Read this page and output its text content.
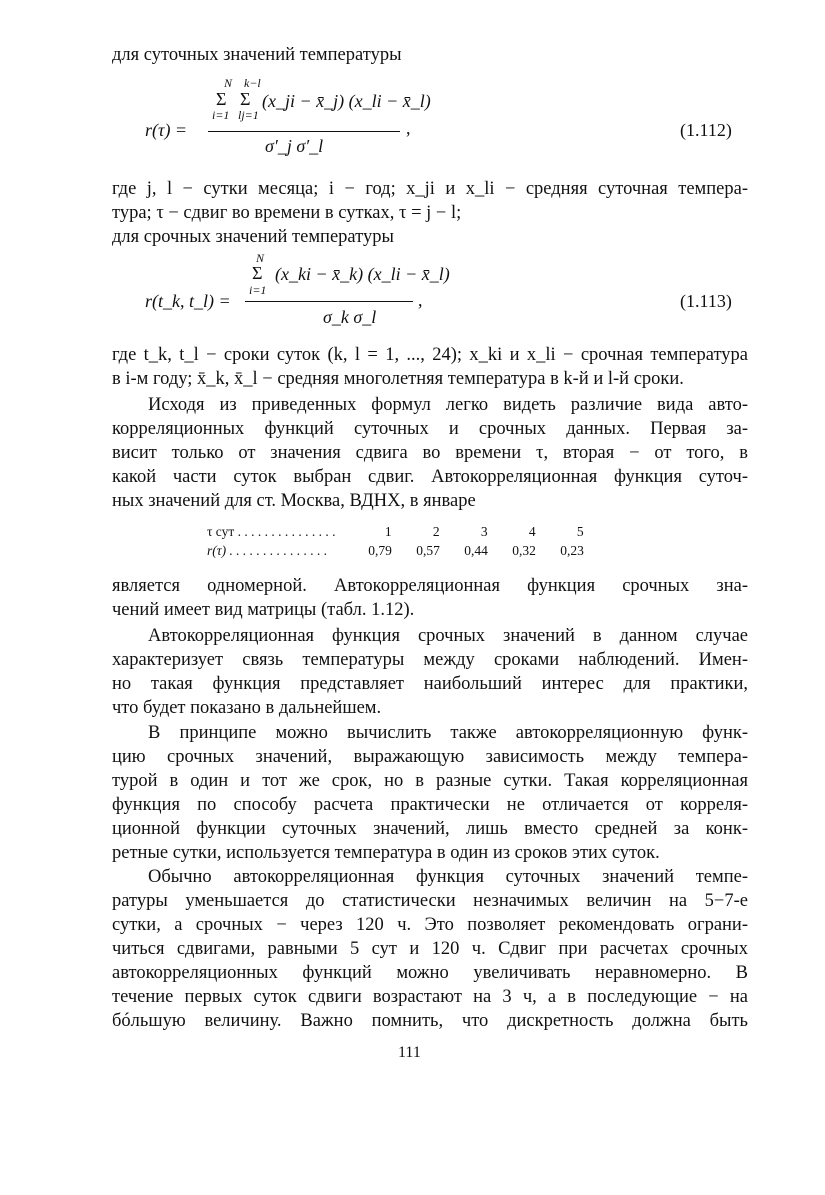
для суточных значений температуры
N k−l
Σ Σ
i=1 lj=1
(x_ji − x̄_j) (x_li − x̄_l)
r(τ) =	,
σ′_j σ′_l
(1.112)
где j, l − сутки месяца; i − год; x_ji и x_li − средняя суточная темпера-
тура; τ − сдвиг во времени в сутках, τ = j − l;
для срочных значений температуры
N
Σ
i=1
(x_ki − x̄_k) (x_li − x̄_l)
r(t_k, t_l) =	,
σ_k σ_l
(1.113)
где t_k, t_l − сроки суток (k, l = 1, ..., 24); x_ki и x_li − срочная температура
в i-м году; x̄_k, x̄_l − средняя многолетняя температура в k-й и l-й сроки.
Исходя из приведенных формул легко видеть различие вида авто-
корреляционных функций суточных и срочных данных. Первая за-
висит только от значения сдвига во времени τ, вторая − от того, в
какой части суток выбран сдвиг. Автокорреляционная функция суточ-
ных значений для ст. Москва, ВДНХ, в январе
τ сут . . . . . . . . . . . . . . .	1	2	3	4	5
r(τ) . . . . . . . . . . . . . . .	0,79 0,57 0,44 0,32 0,23
является одномерной. Автокорреляционная функция срочных зна-
чений имеет вид матрицы (табл. 1.12).
Автокорреляционная функция срочных значений в данном случае
характеризует связь температуры между сроками наблюдений. Имен-
но такая функция представляет наибольший интерес для практики,
что будет показано в дальнейшем.
В принципе можно вычислить также автокорреляционную функ-
цию срочных значений, выражающую зависимость между темпера-
турой в один и тот же срок, но в разные сутки. Такая корреляционная
функция по способу расчета практически не отличается от корреля-
ционной функции суточных значений, лишь вместо средней за конк-
ретные сутки, используется температура в один из сроков этих суток.
Обычно автокорреляционная функция суточных значений темпе-
ратуры уменьшается до статистически незначимых величин на 5−7-е
сутки, а срочных − через 120 ч. Это позволяет рекомендовать ограни-
читься сдвигами, равными 5 сут и 120 ч. Сдвиг при расчетах срочных
автокорреляционных функций можно увеличивать неравномерно. В
течение первых суток сдвиги возрастают на 3 ч, а в последующие − на
бóльшую величину. Важно помнить, что дискретность должна быть
111
